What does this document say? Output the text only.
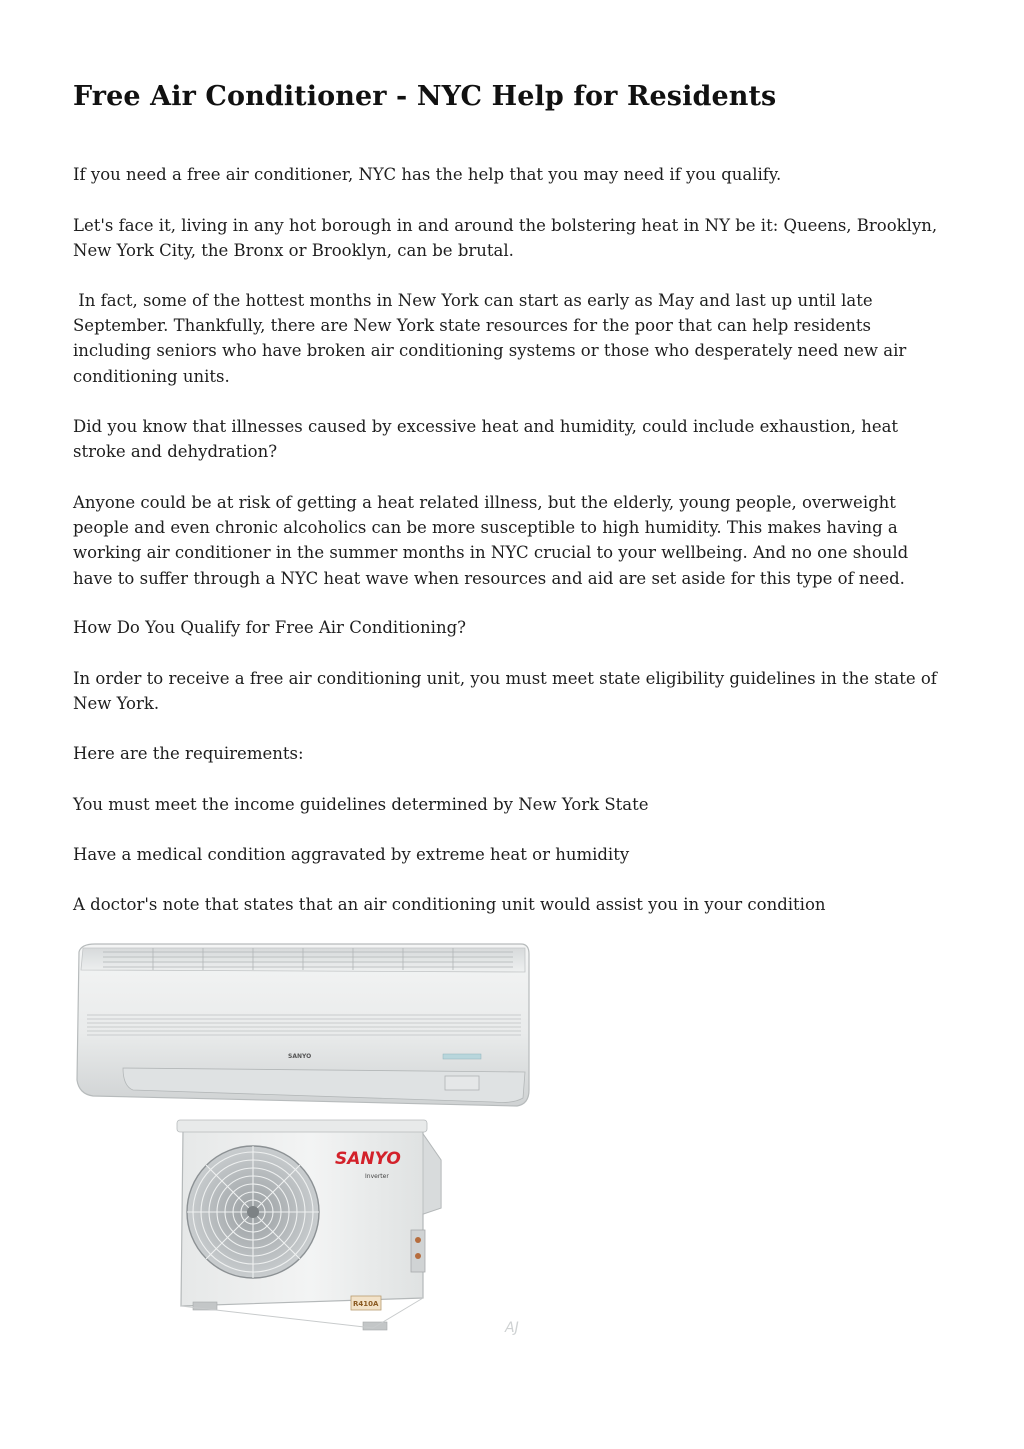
Free Air Conditioner - NYC Help for Residents

If you need a free air conditioner, NYC has the help that you may need if you qualify.

Let's face it, living in any hot borough in and around the bolstering heat in NY be it: Queens, Brooklyn, New York City, the Bronx or Brooklyn, can be brutal.

In fact, some of the hottest months in New York can start as early as May and last up until late September. Thankfully, there are New York state resources for the poor that can help residents including seniors who have broken air conditioning systems or those who desperately need new air conditioning units.

Did you know that illnesses caused by excessive heat and humidity, could include exhaustion, heat stroke and dehydration?

Anyone could be at risk of getting a heat related illness, but the elderly, young people, overweight people and even chronic alcoholics can be more susceptible to high humidity. This makes having a working air conditioner in the summer months in NYC crucial to your wellbeing. And no one should have to suffer through a NYC heat wave when resources and aid are set aside for this type of need.

How Do You Qualify for Free Air Conditioning?

In order to receive a free air conditioning unit, you must meet state eligibility guidelines in the state of New York.

Here are the requirements:

You must meet the income guidelines determined by New York State

Have a medical condition aggravated by extreme heat or humidity

A doctor's note that states that an air conditioning unit would assist you in your condition

SANYO
SANYO
Inverter
R410A
AJ
